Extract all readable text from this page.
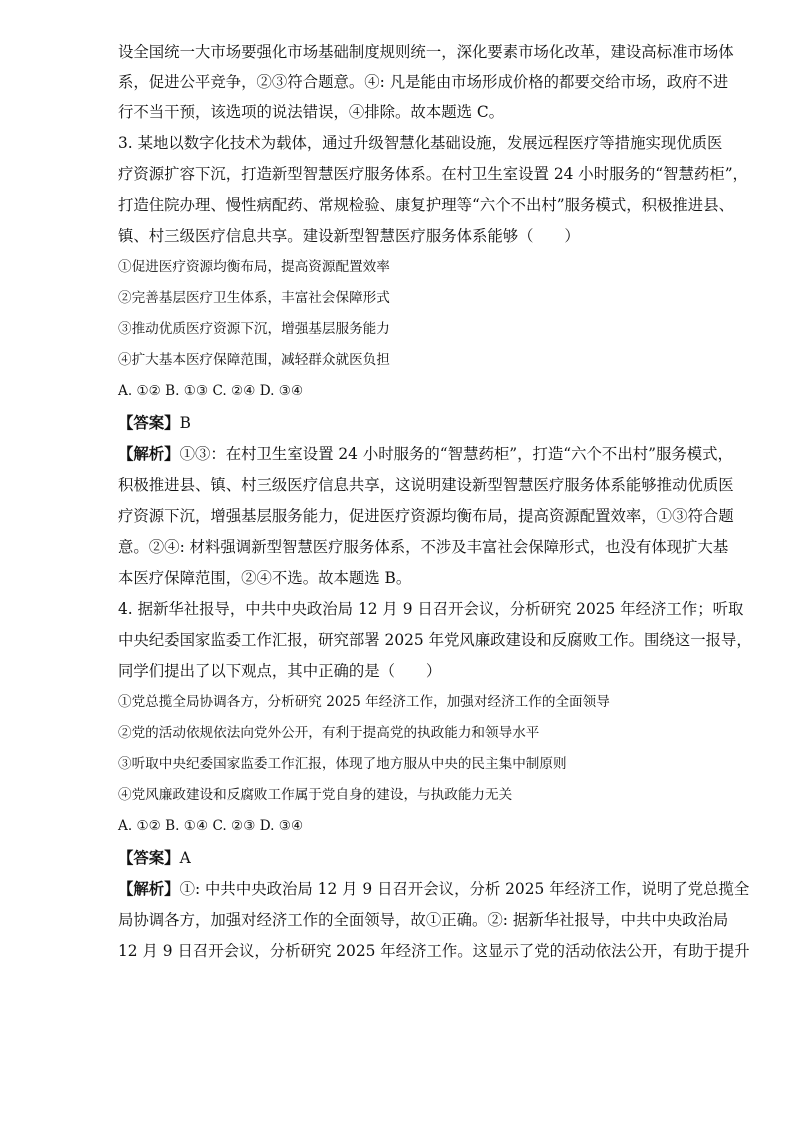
设全国统一大市场要强化市场基础制度规则统一，深化要素市场化改革，建设高标准市场体
系，促进公平竞争，②③符合题意。④: 凡是能由市场形成价格的都要交给市场，政府不进
行不当干预，该选项的说法错误，④排除。故本题选 C。
3. 某地以数字化技术为载体，通过升级智慧化基础设施，发展远程医疗等措施实现优质医
疗资源扩容下沉，打造新型智慧医疗服务体系。在村卫生室设置 24 小时服务的“智慧药柜”，
打造住院办理、慢性病配药、常规检验、康复护理等“六个不出村”服务模式，积极推进县、
镇、村三级医疗信息共享。建设新型智慧医疗服务体系能够（　　）
①促进医疗资源均衡布局，提高资源配置效率
②完善基层医疗卫生体系，丰富社会保障形式
③推动优质医疗资源下沉，增强基层服务能力
④扩大基本医疗保障范围，减轻群众就医负担
A. ①② B. ①③ C. ②④ D. ③④
【答案】B
【解析】①③：在村卫生室设置 24 小时服务的“智慧药柜”，打造“六个不出村”服务模式，
积极推进县、镇、村三级医疗信息共享，这说明建设新型智慧医疗服务体系能够推动优质医
疗资源下沉，增强基层服务能力，促进医疗资源均衡布局，提高资源配置效率，①③符合题
意。②④: 材料强调新型智慧医疗服务体系，不涉及丰富社会保障形式，也没有体现扩大基
本医疗保障范围，②④不选。故本题选 B。
4. 据新华社报导，中共中央政治局 12 月 9 日召开会议，分析研究 2025 年经济工作；听取
中央纪委国家监委工作汇报，研究部署 2025 年党风廉政建设和反腐败工作。围绕这一报导，
同学们提出了以下观点，其中正确的是（　　）
①党总揽全局协调各方，分析研究 2025 年经济工作，加强对经济工作的全面领导
②党的活动依规依法向党外公开，有利于提高党的执政能力和领导水平
③听取中央纪委国家监委工作汇报，体现了地方服从中央的民主集中制原则
④党风廉政建设和反腐败工作属于党自身的建设，与执政能力无关
A. ①② B. ①④ C. ②③ D. ③④
【答案】A
【解析】①: 中共中央政治局 12 月 9 日召开会议，分析 2025 年经济工作，说明了党总揽全
局协调各方，加强对经济工作的全面领导，故①正确。②: 据新华社报导，中共中央政治局
12 月 9 日召开会议，分析研究 2025 年经济工作。这显示了党的活动依法公开，有助于提升
